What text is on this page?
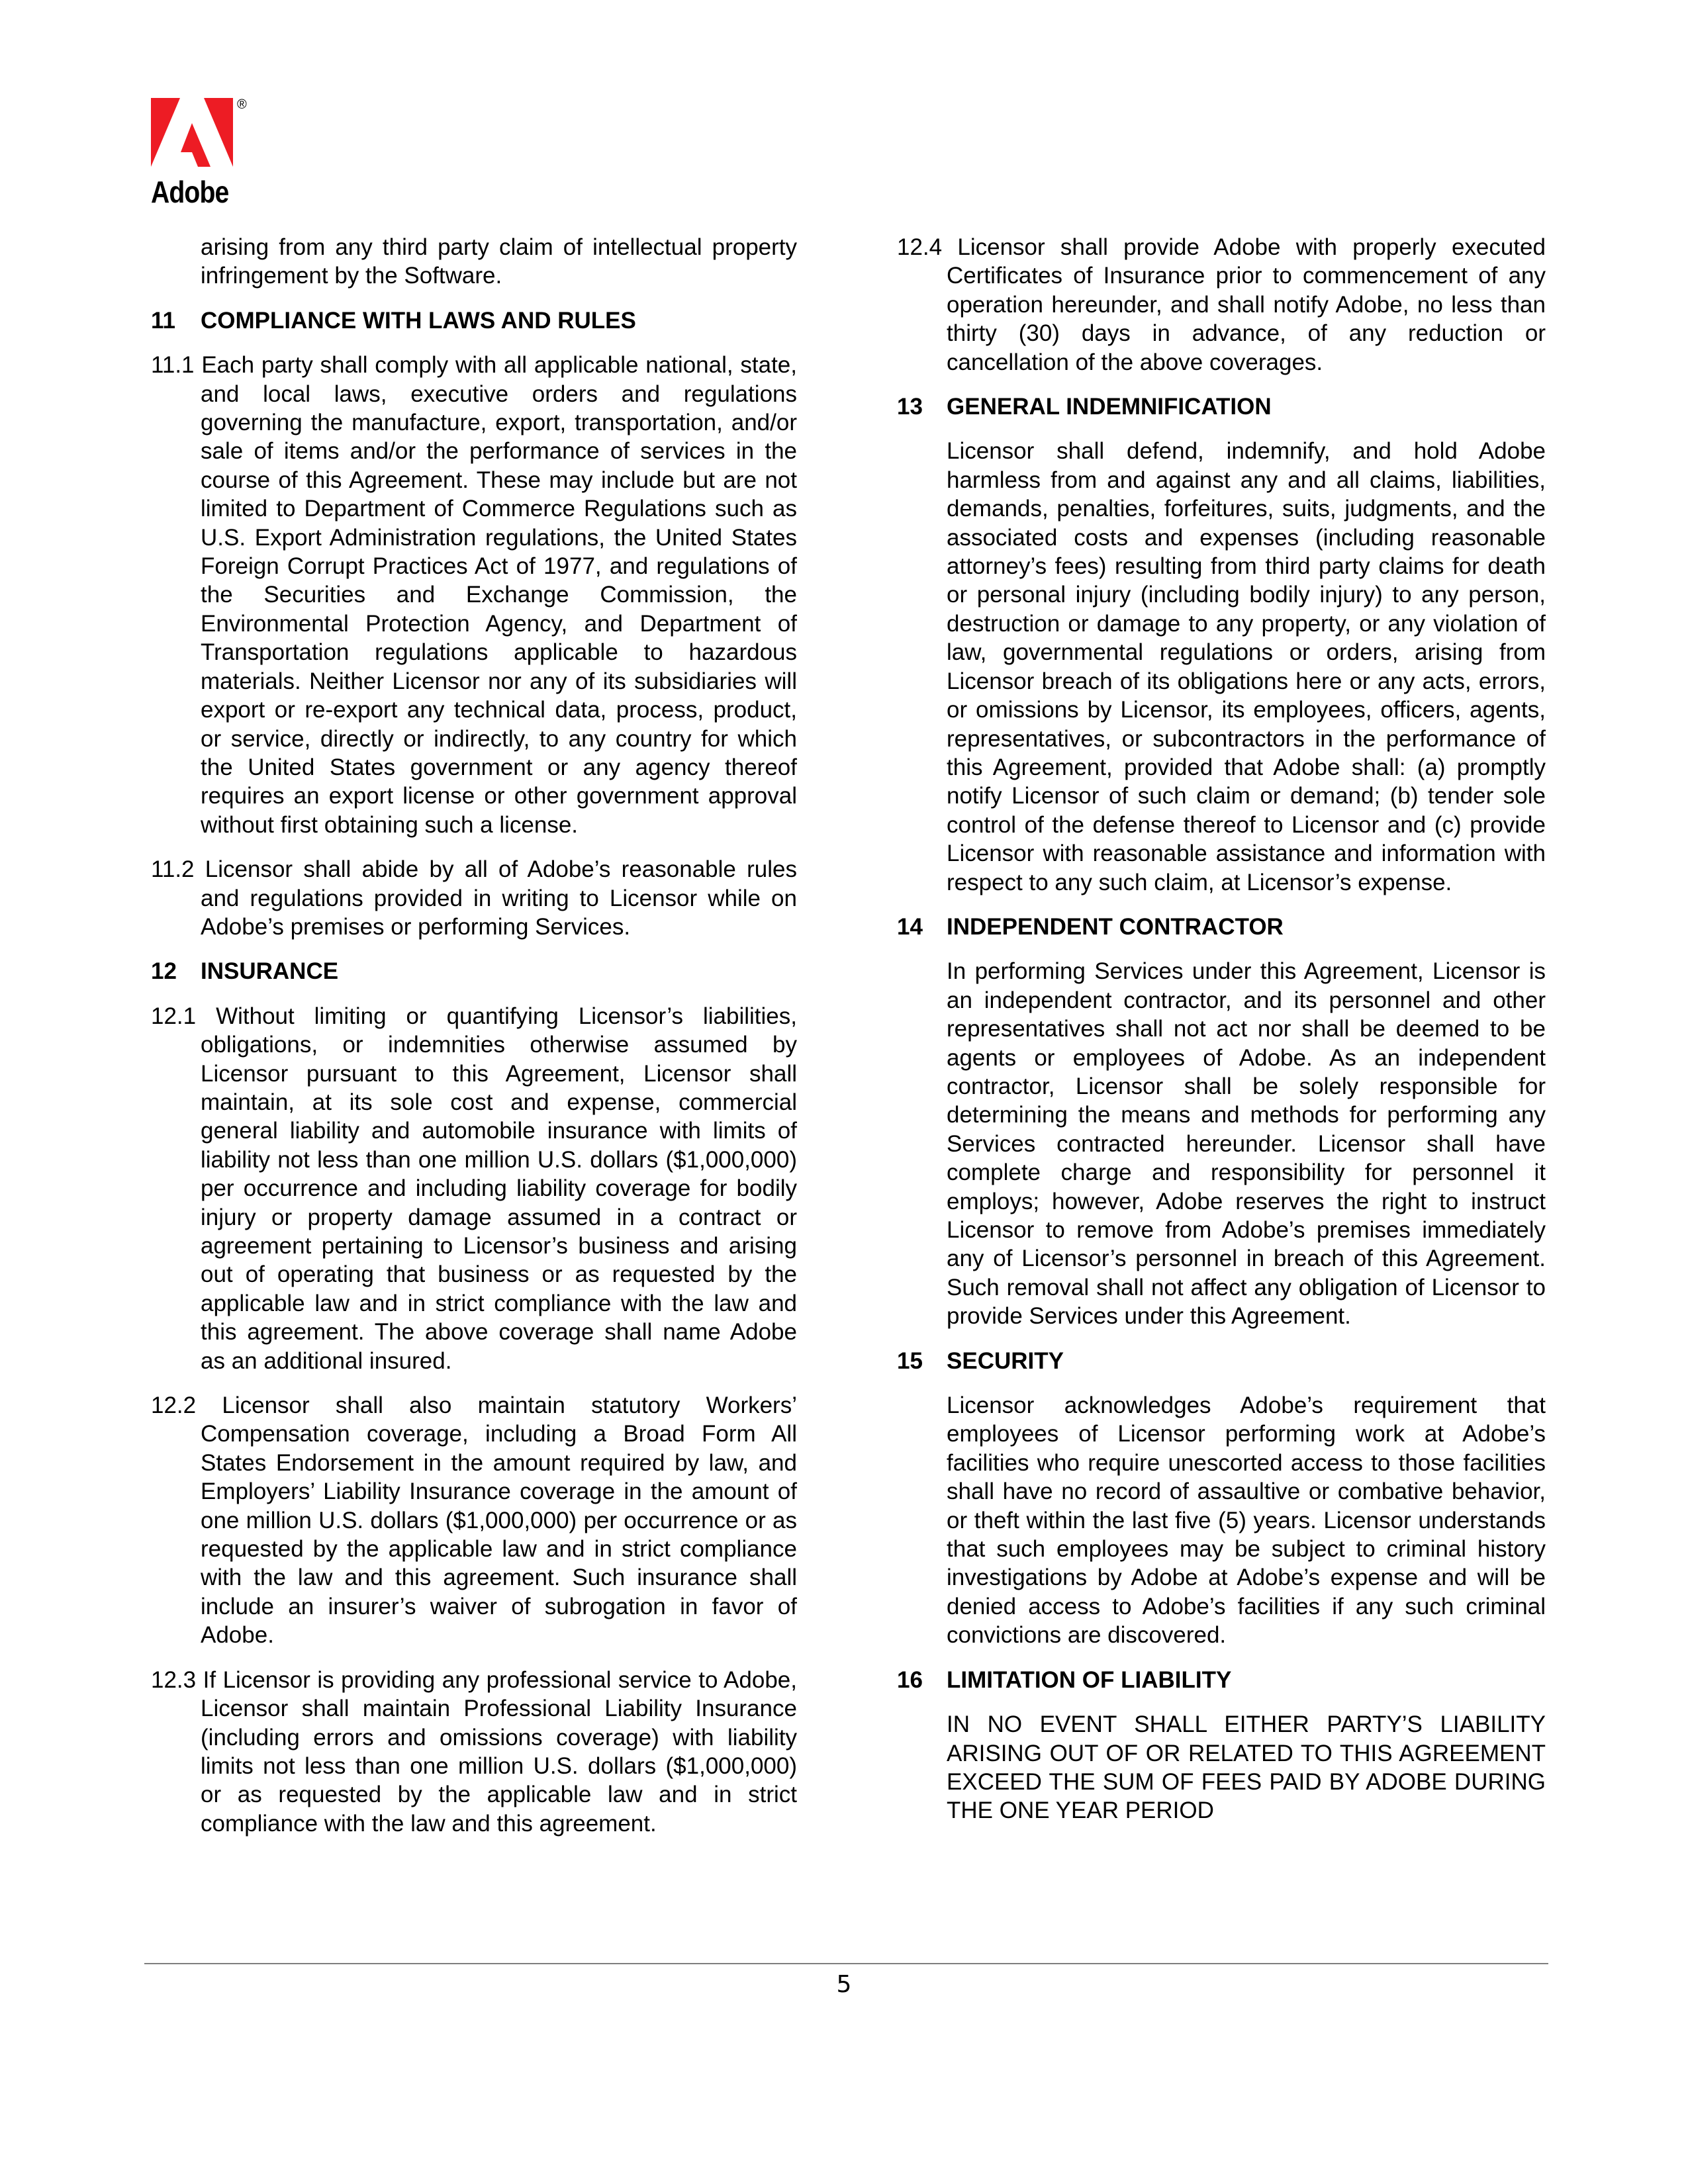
®
Adobe

arising from any third party claim of intellectual property infringement by the Software.

11	COMPLIANCE WITH LAWS AND RULES

11.1 Each party shall comply with all applicable national, state, and local laws, executive orders and regulations governing the manufacture, export, transportation, and/or sale of items and/or the performance of services in the course of this Agreement. These may include but are not limited to Department of Commerce Regulations such as U.S. Export Administration regulations, the United States Foreign Corrupt Practices Act of 1977, and regulations of the Securities and Exchange Commission, the Environmental Protection Agency, and Department of Transportation regulations applicable to hazardous materials. Neither Licensor nor any of its subsidiaries will export or re-export any technical data, process, product, or service, directly or indirectly, to any country for which the United States government or any agency thereof requires an export license or other government approval without first obtaining such a license.

11.2 Licensor shall abide by all of Adobe’s reasonable rules and regulations provided in writing to Licensor while on Adobe’s premises or performing Services.

12	INSURANCE

12.1 Without limiting or quantifying Licensor’s liabilities, obligations, or indemnities otherwise assumed by Licensor pursuant to this Agreement, Licensor shall maintain, at its sole cost and expense, commercial general liability and automobile insurance with limits of liability not less than one million U.S. dollars ($1,000,000) per occurrence and including liability coverage for bodily injury or property damage assumed in a contract or agreement pertaining to Licensor’s business and arising out of operating that business or as requested by the applicable law and in strict compliance with the law and this agreement. The above coverage shall name Adobe as an additional insured.

12.2 Licensor shall also maintain statutory Workers’ Compensation coverage, including a Broad Form All States Endorsement in the amount required by law, and Employers’ Liability Insurance coverage in the amount of one million U.S. dollars ($1,000,000) per occurrence or as requested by the applicable law and in strict compliance with the law and this agreement. Such insurance shall include an insurer’s waiver of subrogation in favor of Adobe.

12.3 If Licensor is providing any professional service to Adobe, Licensor shall maintain Professional Liability Insurance (including errors and omissions coverage) with liability limits not less than one million U.S. dollars ($1,000,000) or as requested by the applicable law and in strict compliance with the law and this agreement.

12.4 Licensor shall provide Adobe with properly executed Certificates of Insurance prior to commencement of any operation hereunder, and shall notify Adobe, no less than thirty (30) days in advance, of any reduction or cancellation of the above coverages.

13	GENERAL INDEMNIFICATION

Licensor shall defend, indemnify, and hold Adobe harmless from and against any and all claims, liabilities, demands, penalties, forfeitures, suits, judgments, and the associated costs and expenses (including reasonable attorney’s fees) resulting from third party claims for death or personal injury (including bodily injury) to any person, destruction or damage to any property, or any violation of law, governmental regulations or orders, arising from Licensor breach of its obligations here or any acts, errors, or omissions by Licensor, its employees, officers, agents, representatives, or subcontractors in the performance of this Agreement, provided that Adobe shall: (a) promptly notify Licensor of such claim or demand; (b) tender sole control of the defense thereof to Licensor and (c) provide Licensor with reasonable assistance and information with respect to any such claim, at Licensor’s expense.

14	INDEPENDENT CONTRACTOR

In performing Services under this Agreement, Licensor is an independent contractor, and its personnel and other representatives shall not act nor shall be deemed to be agents or employees of Adobe. As an independent contractor, Licensor shall be solely responsible for determining the means and methods for performing any Services contracted hereunder. Licensor shall have complete charge and responsibility for personnel it employs; however, Adobe reserves the right to instruct Licensor to remove from Adobe’s premises immediately any of Licensor’s personnel in breach of this Agreement. Such removal shall not affect any obligation of Licensor to provide Services under this Agreement.

15	SECURITY

Licensor acknowledges Adobe’s requirement that employees of Licensor performing work at Adobe’s facilities who require unescorted access to those facilities shall have no record of assaultive or combative behavior, or theft within the last five (5) years. Licensor understands that such employees may be subject to criminal history investigations by Adobe at Adobe’s expense and will be denied access to Adobe’s facilities if any such criminal convictions are discovered.

16	LIMITATION OF LIABILITY

IN NO EVENT SHALL EITHER PARTY’S LIABILITY ARISING OUT OF OR RELATED TO THIS AGREEMENT EXCEED THE SUM OF FEES PAID BY ADOBE DURING THE ONE YEAR PERIOD

5
